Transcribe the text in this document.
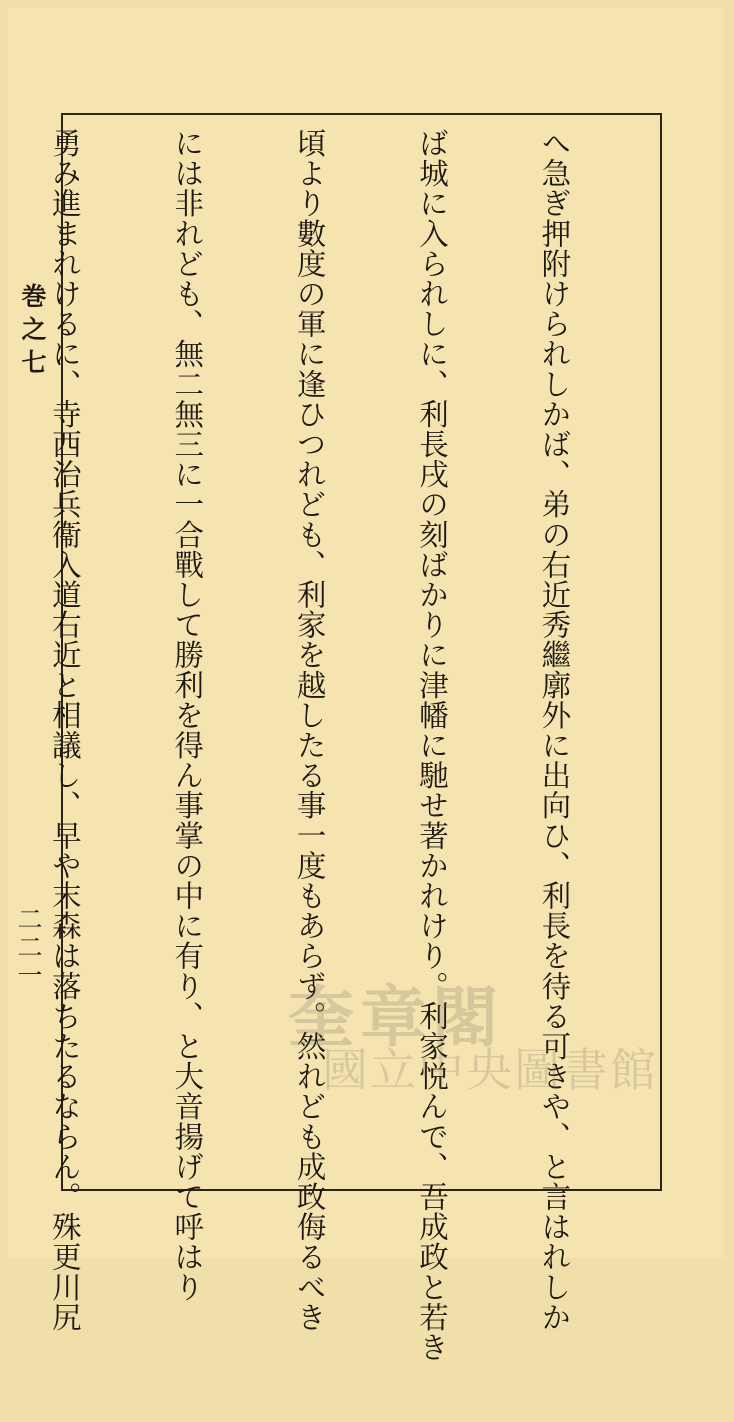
巻之七
二二一

	へ急ぎ押附けられしかば、弟の右近秀繼廓外に出向ひ、利長を待る可きや、と言はれしか

ば城に入られしに、利長戌の刻ばかりに津幡に馳せ著かれけり。利家悦んで、吾成政と若き

頃より數度の軍に逢ひつれども、利家を越したる事一度もあらず。然れども成政侮るべき

には非れども、無二無三に一合戰して勝利を得ん事掌の中に有り、と大音揚げて呼はり

勇み進まれけるに、寺西治兵衞入道右近と相議し、早や末森は落ちたるならん。殊更川尻

	奎章閣
國立中央圖書館
